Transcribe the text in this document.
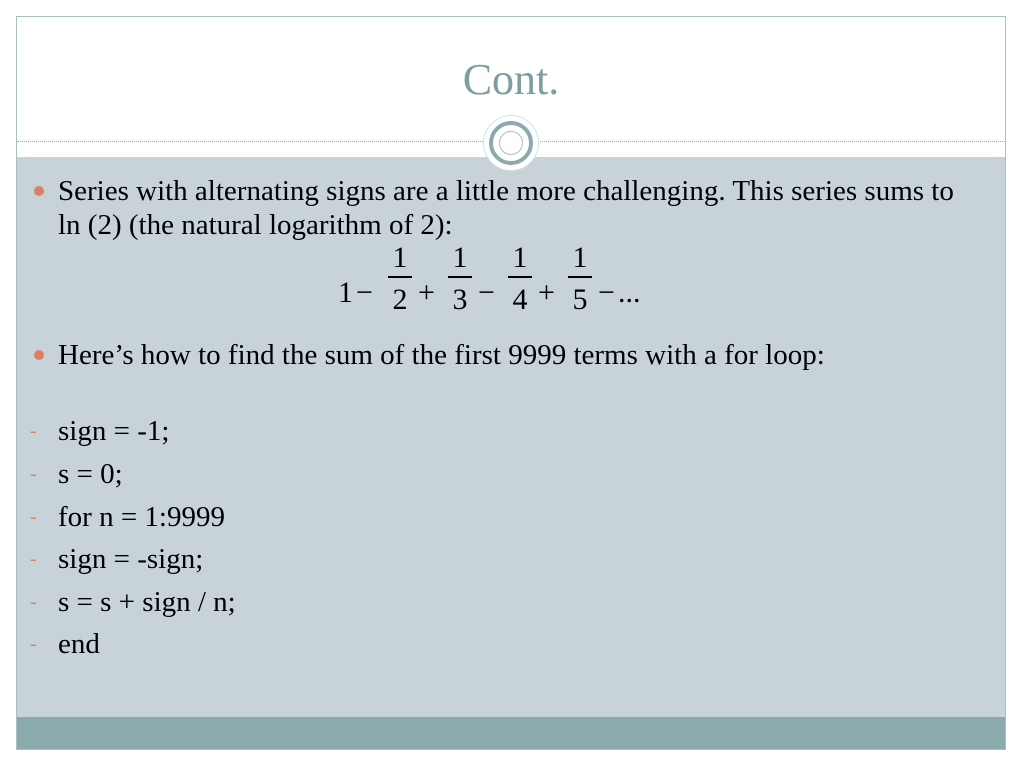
Cont.
Series with alternating signs are a little more challenging. This series sums to ln (2) (the natural logarithm of 2):
1 −
1
2 +
1
3 −
1
4 +
1
5 − ...
Here’s how to find the sum of the first 9999 terms with a for loop:
- sign = -1;
- s = 0;
- for n = 1:9999
- sign = -sign;
- s = s + sign / n;
- end
